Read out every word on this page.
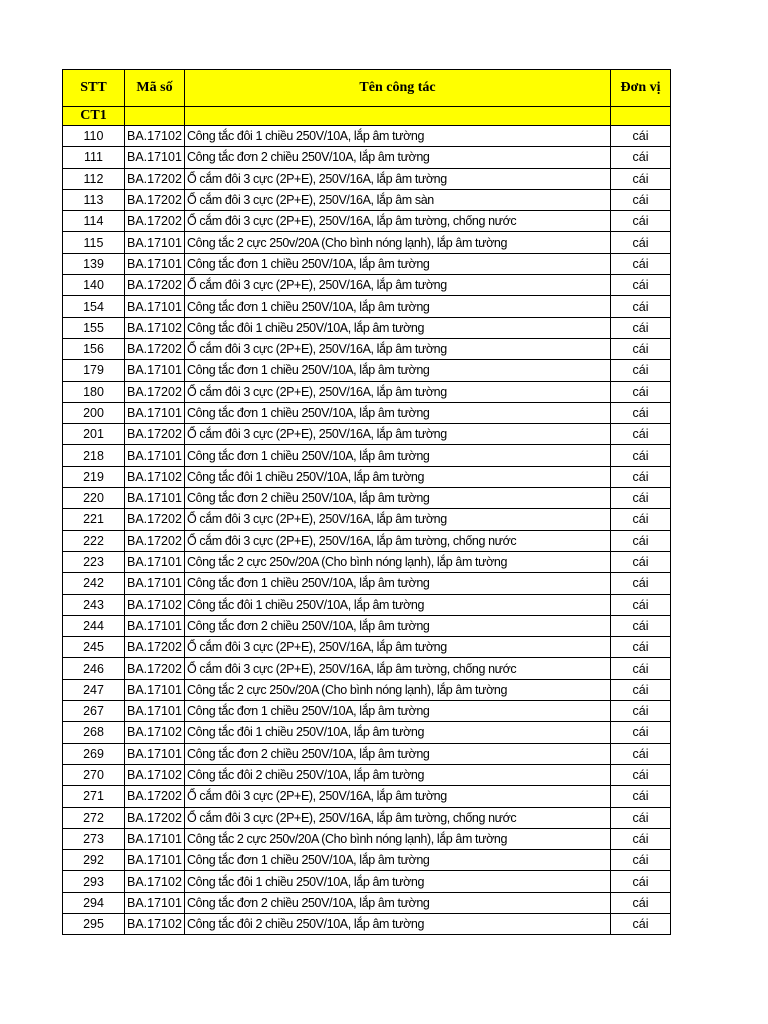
STT	Mã số	Tên công tác	Đơn vị
CT1			
110	BA.17102	Công tắc đôi 1 chiều 250V/10A, lắp âm tường	cái
111	BA.17101	Công tắc đơn 2 chiều 250V/10A, lắp âm tường	cái
112	BA.17202	Ổ cắm đôi 3 cực (2P+E), 250V/16A, lắp âm tường	cái
113	BA.17202	Ổ cắm đôi 3 cực (2P+E), 250V/16A, lắp âm sàn	cái
114	BA.17202	Ổ cắm đôi 3 cực (2P+E), 250V/16A, lắp âm tường, chống nước	cái
115	BA.17101	Công tắc 2 cực 250v/20A (Cho bình nóng lạnh), lắp âm tường	cái
139	BA.17101	Công tắc đơn 1 chiều 250V/10A, lắp âm tường	cái
140	BA.17202	Ổ cắm đôi 3 cực (2P+E), 250V/16A, lắp âm tường	cái
154	BA.17101	Công tắc đơn 1 chiều 250V/10A, lắp âm tường	cái
155	BA.17102	Công tắc đôi 1 chiều 250V/10A, lắp âm tường	cái
156	BA.17202	Ổ cắm đôi 3 cực (2P+E), 250V/16A, lắp âm tường	cái
179	BA.17101	Công tắc đơn 1 chiều 250V/10A, lắp âm tường	cái
180	BA.17202	Ổ cắm đôi 3 cực (2P+E), 250V/16A, lắp âm tường	cái
200	BA.17101	Công tắc đơn 1 chiều 250V/10A, lắp âm tường	cái
201	BA.17202	Ổ cắm đôi 3 cực (2P+E), 250V/16A, lắp âm tường	cái
218	BA.17101	Công tắc đơn 1 chiều 250V/10A, lắp âm tường	cái
219	BA.17102	Công tắc đôi 1 chiều 250V/10A, lắp âm tường	cái
220	BA.17101	Công tắc đơn 2 chiều 250V/10A, lắp âm tường	cái
221	BA.17202	Ổ cắm đôi 3 cực (2P+E), 250V/16A, lắp âm tường	cái
222	BA.17202	Ổ cắm đôi 3 cực (2P+E), 250V/16A, lắp âm tường, chống nước	cái
223	BA.17101	Công tắc 2 cực 250v/20A (Cho bình nóng lạnh), lắp âm tường	cái
242	BA.17101	Công tắc đơn 1 chiều 250V/10A, lắp âm tường	cái
243	BA.17102	Công tắc đôi 1 chiều 250V/10A, lắp âm tường	cái
244	BA.17101	Công tắc đơn 2 chiều 250V/10A, lắp âm tường	cái
245	BA.17202	Ổ cắm đôi 3 cực (2P+E), 250V/16A, lắp âm tường	cái
246	BA.17202	Ổ cắm đôi 3 cực (2P+E), 250V/16A, lắp âm tường, chống nước	cái
247	BA.17101	Công tắc 2 cực 250v/20A (Cho bình nóng lạnh), lắp âm tường	cái
267	BA.17101	Công tắc đơn 1 chiều 250V/10A, lắp âm tường	cái
268	BA.17102	Công tắc đôi 1 chiều 250V/10A, lắp âm tường	cái
269	BA.17101	Công tắc đơn 2 chiều 250V/10A, lắp âm tường	cái
270	BA.17102	Công tắc đôi 2 chiều 250V/10A, lắp âm tường	cái
271	BA.17202	Ổ cắm đôi 3 cực (2P+E), 250V/16A, lắp âm tường	cái
272	BA.17202	Ổ cắm đôi 3 cực (2P+E), 250V/16A, lắp âm tường, chống nước	cái
273	BA.17101	Công tắc 2 cực 250v/20A (Cho bình nóng lạnh), lắp âm tường	cái
292	BA.17101	Công tắc đơn 1 chiều 250V/10A, lắp âm tường	cái
293	BA.17102	Công tắc đôi 1 chiều 250V/10A, lắp âm tường	cái
294	BA.17101	Công tắc đơn 2 chiều 250V/10A, lắp âm tường	cái
295	BA.17102	Công tắc đôi 2 chiều 250V/10A, lắp âm tường	cái
